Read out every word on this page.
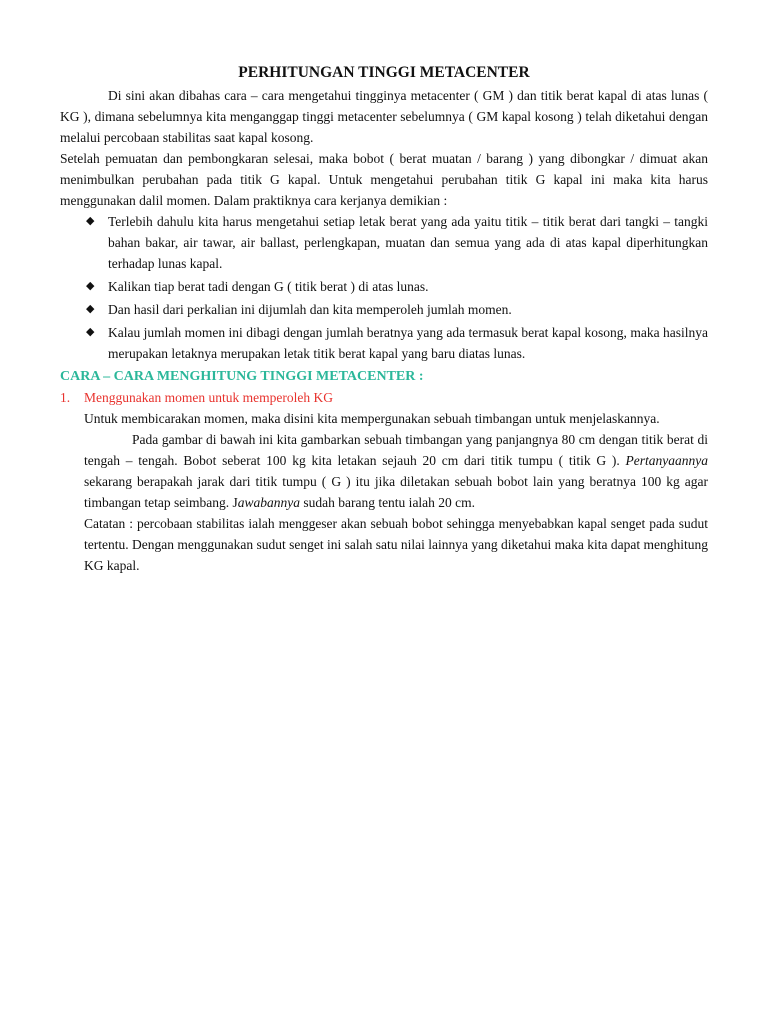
PERHITUNGAN TINGGI METACENTER

Di sini akan dibahas cara – cara mengetahui tingginya metacenter ( GM ) dan titik berat kapal di atas lunas ( KG ), dimana sebelumnya kita menganggap tinggi metacenter sebelumnya ( GM kapal kosong ) telah diketahui dengan melalui percobaan stabilitas saat kapal kosong.

Setelah pemuatan dan pembongkaran selesai, maka bobot ( berat muatan / barang ) yang dibongkar / dimuat akan menimbulkan perubahan pada titik G kapal. Untuk mengetahui perubahan titik G kapal ini maka kita harus menggunakan dalil momen. Dalam praktiknya cara kerjanya demikian :

◆ Terlebih dahulu kita harus mengetahui setiap letak berat yang ada yaitu titik – titik berat dari tangki – tangki bahan bakar, air tawar, air ballast, perlengkapan, muatan dan semua yang ada di atas kapal diperhitungkan terhadap lunas kapal.
◆ Kalikan tiap berat tadi dengan G ( titik berat ) di atas lunas.
◆ Dan hasil dari perkalian ini dijumlah dan kita memperoleh jumlah momen.
◆ Kalau jumlah momen ini dibagi dengan jumlah beratnya yang ada termasuk berat kapal kosong, maka hasilnya merupakan letaknya merupakan letak titik berat kapal yang baru diatas lunas.
CARA – CARA MENGHITUNG TINGGI METACENTER :
1. Menggunakan momen untuk memperoleh KG

Untuk membicarakan momen, maka disini kita mempergunakan sebuah timbangan untuk menjelaskannya.

Pada gambar di bawah ini kita gambarkan sebuah timbangan yang panjangnya 80 cm dengan titik berat di tengah – tengah. Bobot seberat 100 kg kita letakan sejauh 20 cm dari titik tumpu ( titik G ). Pertanyaannya sekarang berapakah jarak dari titik tumpu ( G ) itu jika diletakan sebuah bobot lain yang beratnya 100 kg agar timbangan tetap seimbang. Jawabannya sudah barang tentu ialah 20 cm.

Catatan : percobaan stabilitas ialah menggeser akan sebuah bobot sehingga menyebabkan kapal senget pada sudut tertentu. Dengan menggunakan sudut senget ini salah satu nilai lainnya yang diketahui maka kita dapat menghitung KG kapal.
